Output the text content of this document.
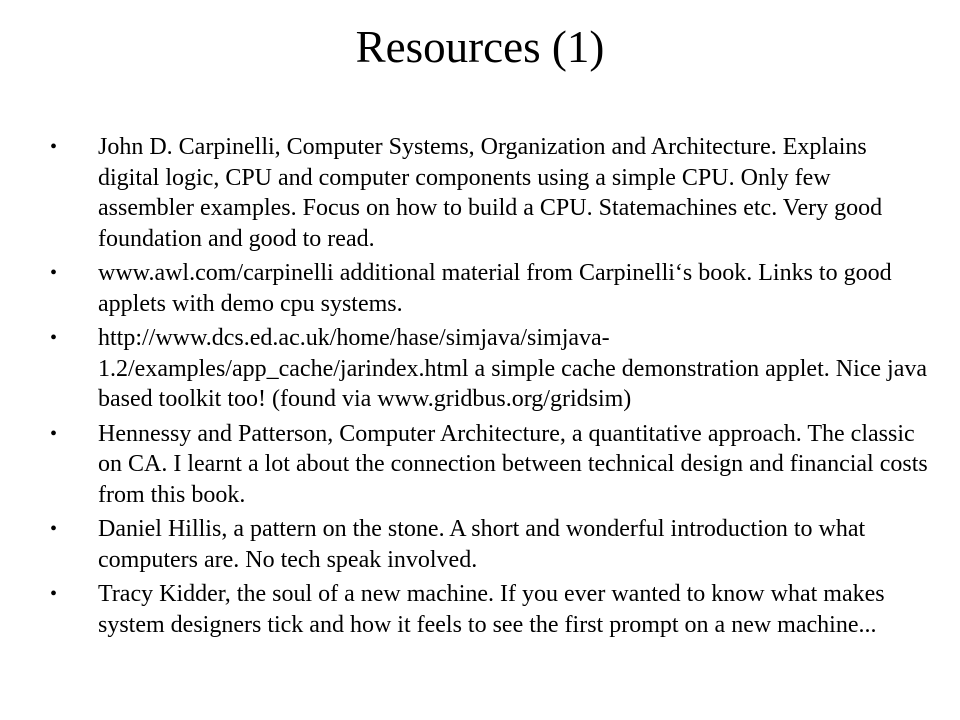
Resources (1)
• John D. Carpinelli, Computer Systems, Organization and Architecture. Explains digital logic, CPU and computer components using a simple CPU. Only few assembler examples. Focus on how to build a CPU. Statemachines etc. Very good foundation and good to read.
• www.awl.com/carpinelli additional material from Carpinelli‘s book. Links to good applets with demo cpu systems.
• http://www.dcs.ed.ac.uk/home/hase/simjava/simjava-1.2/examples/app_cache/jarindex.html a simple cache demonstration applet. Nice java based toolkit too! (found via www.gridbus.org/gridsim)
• Hennessy and Patterson, Computer Architecture, a quantitative approach. The classic on CA. I learnt a lot about the connection between technical design and financial costs from this book.
• Daniel Hillis, a pattern on the stone. A short and wonderful introduction to what computers are. No tech speak involved.
• Tracy Kidder, the soul of a new machine. If you ever wanted to know what makes system designers tick and how it feels to see the first prompt on a new machine...
